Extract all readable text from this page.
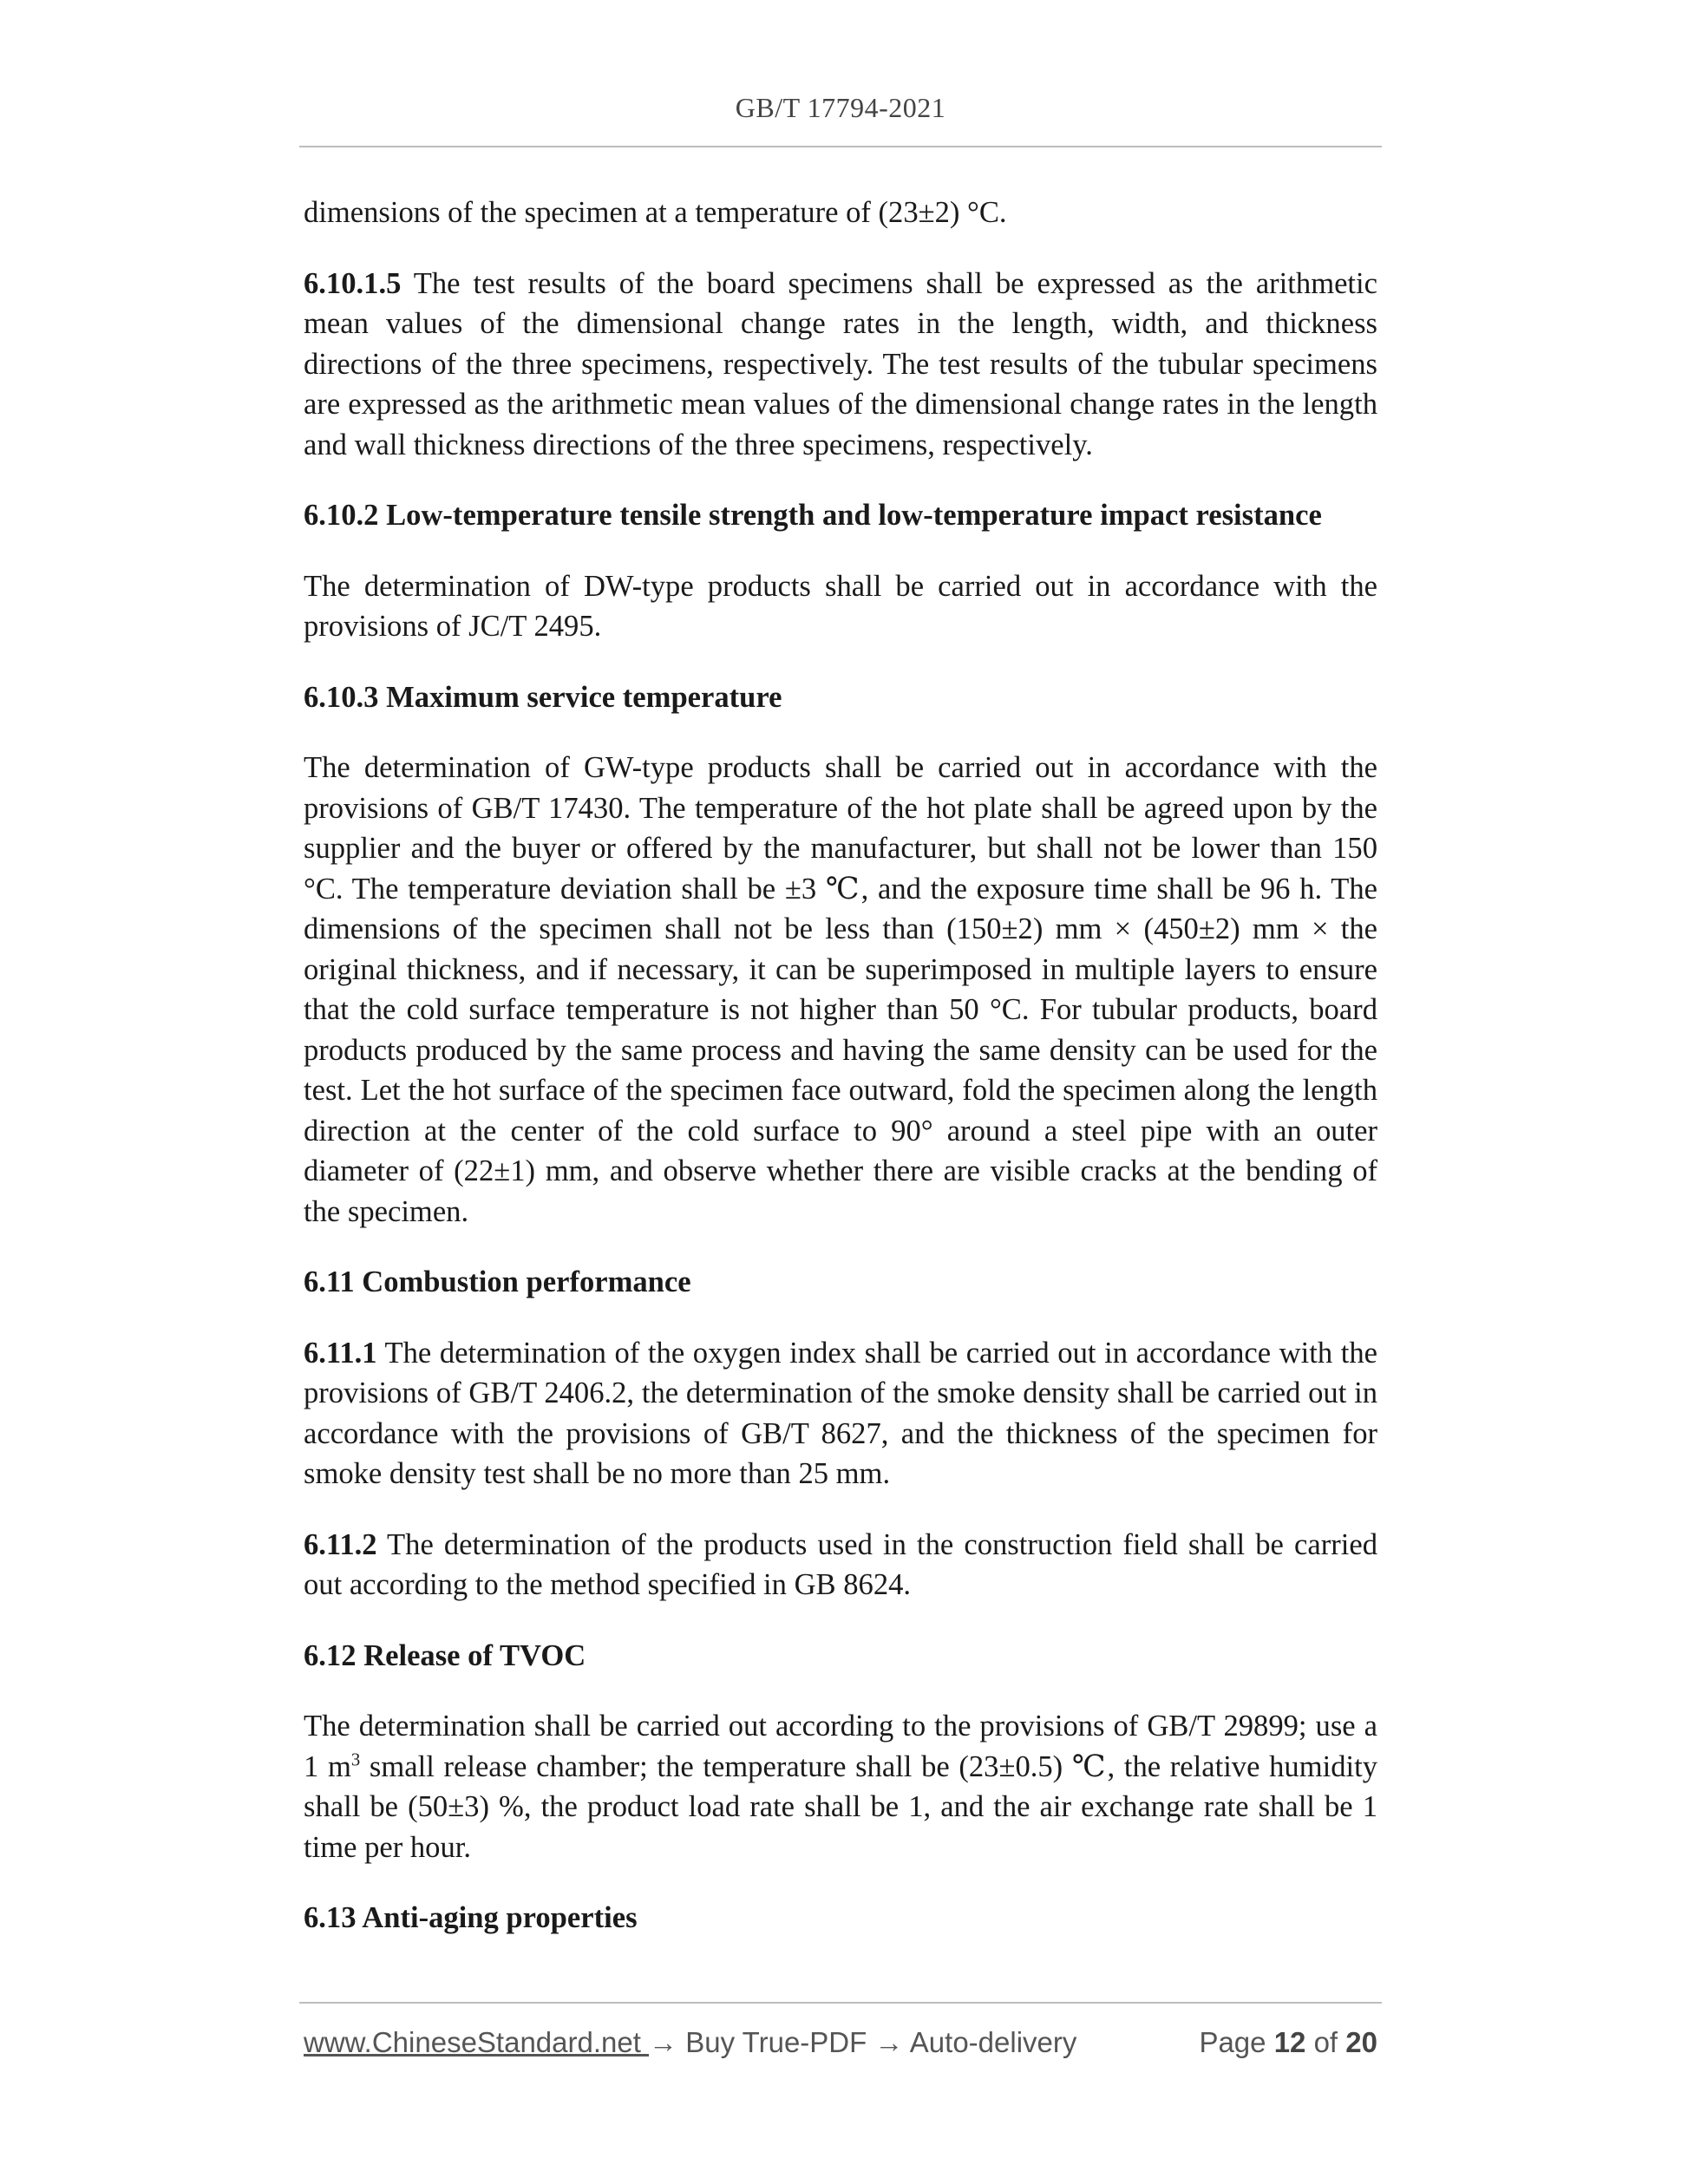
GB/T 17794-2021

dimensions of the specimen at a temperature of (23±2) °C.

6.10.1.5 The test results of the board specimens shall be expressed as the arithmetic mean values of the dimensional change rates in the length, width, and thickness directions of the three specimens, respectively. The test results of the tubular specimens are expressed as the arithmetic mean values of the dimensional change rates in the length and wall thickness directions of the three specimens, respectively.

6.10.2 Low-temperature tensile strength and low-temperature impact resistance

The determination of DW-type products shall be carried out in accordance with the provisions of JC/T 2495.

6.10.3 Maximum service temperature

The determination of GW-type products shall be carried out in accordance with the provisions of GB/T 17430. The temperature of the hot plate shall be agreed upon by the supplier and the buyer or offered by the manufacturer, but shall not be lower than 150 °C. The temperature deviation shall be ±3 ℃, and the exposure time shall be 96 h. The dimensions of the specimen shall not be less than (150±2) mm × (450±2) mm × the original thickness, and if necessary, it can be superimposed in multiple layers to ensure that the cold surface temperature is not higher than 50 °C. For tubular products, board products produced by the same process and having the same density can be used for the test. Let the hot surface of the specimen face outward, fold the specimen along the length direction at the center of the cold surface to 90° around a steel pipe with an outer diameter of (22±1) mm, and observe whether there are visible cracks at the bending of the specimen.

6.11 Combustion performance

6.11.1 The determination of the oxygen index shall be carried out in accordance with the provisions of GB/T 2406.2, the determination of the smoke density shall be carried out in accordance with the provisions of GB/T 8627, and the thickness of the specimen for smoke density test shall be no more than 25 mm.

6.11.2 The determination of the products used in the construction field shall be carried out according to the method specified in GB 8624.

6.12 Release of TVOC

The determination shall be carried out according to the provisions of GB/T 29899; use a 1 $m^3$ small release chamber; the temperature shall be (23±0.5) ℃, the relative humidity shall be (50±3) %, the product load rate shall be 1, and the air exchange rate shall be 1 time per hour.

6.13 Anti-aging properties

www.ChineseStandard.net → Buy True-PDF → Auto-delivery	Page 12 of 20
